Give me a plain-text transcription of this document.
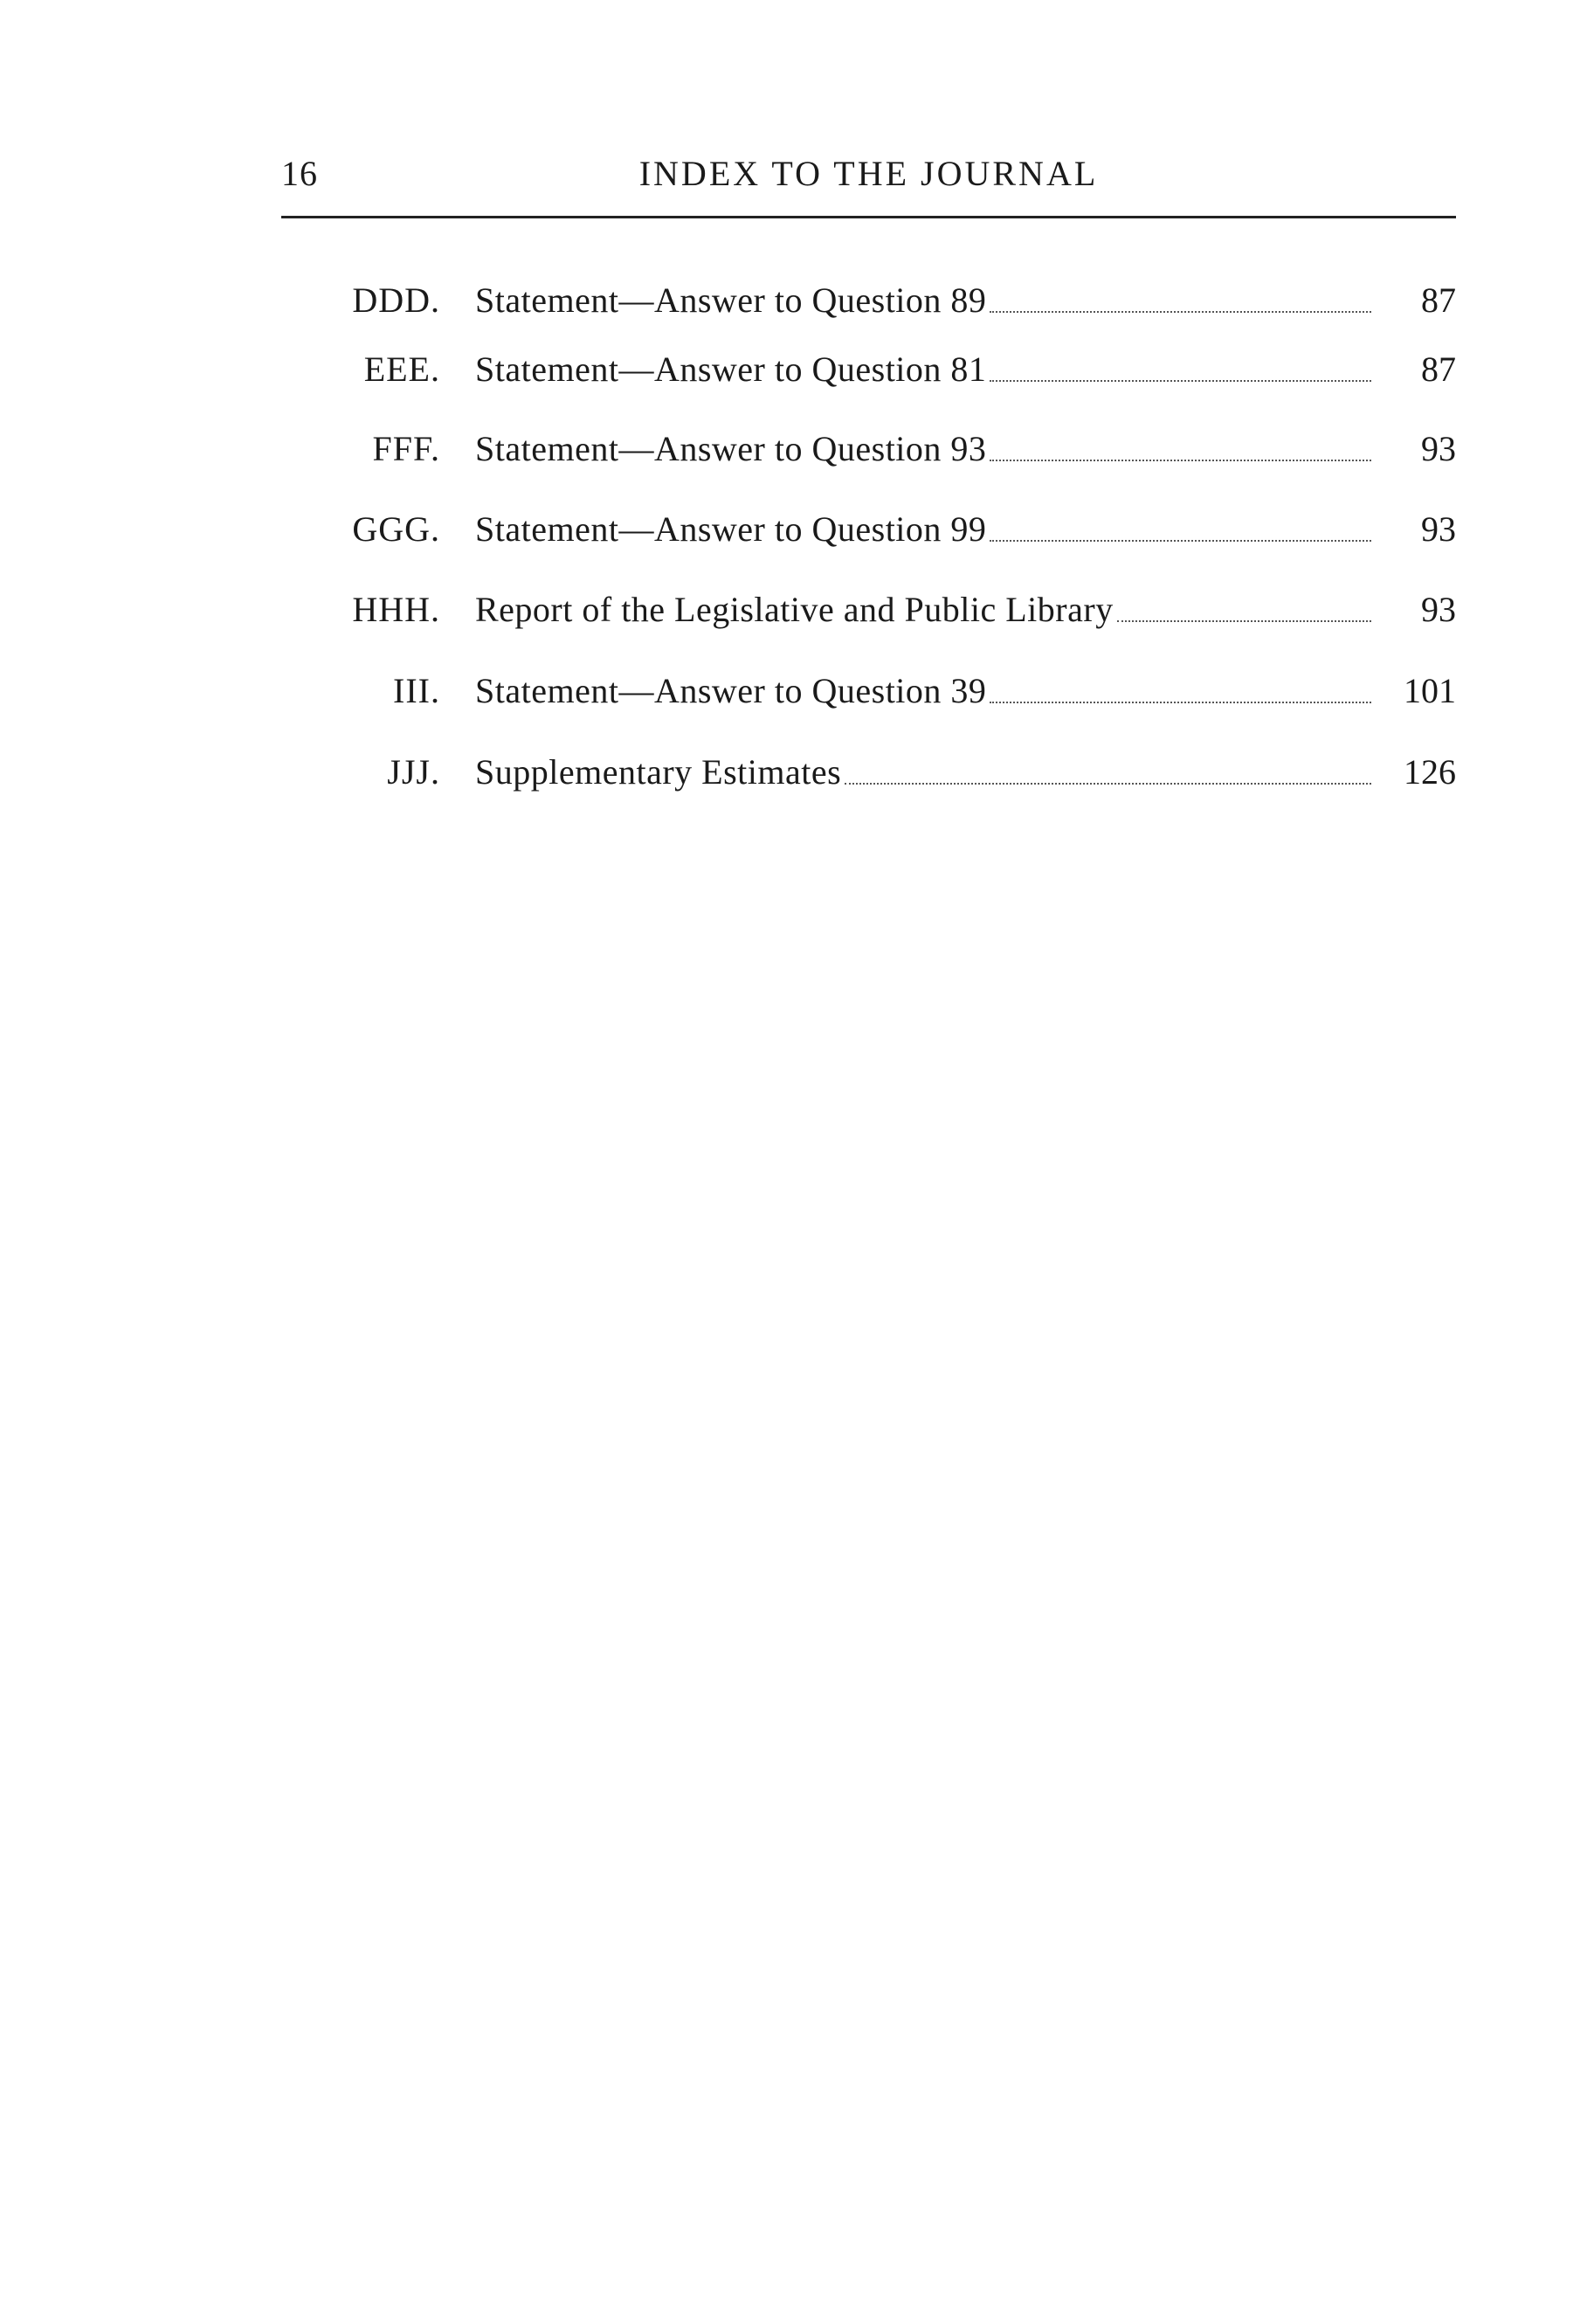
16	INDEX TO THE JOURNAL
DDD. Statement—Answer to Question 89	87
EEE. Statement—Answer to Question 81	87
FFF. Statement—Answer to Question 93	93
GGG. Statement—Answer to Question 99	93
HHH. Report of the Legislative and Public Library	93
III. Statement—Answer to Question 39	101
JJJ. Supplementary Estimates	126
